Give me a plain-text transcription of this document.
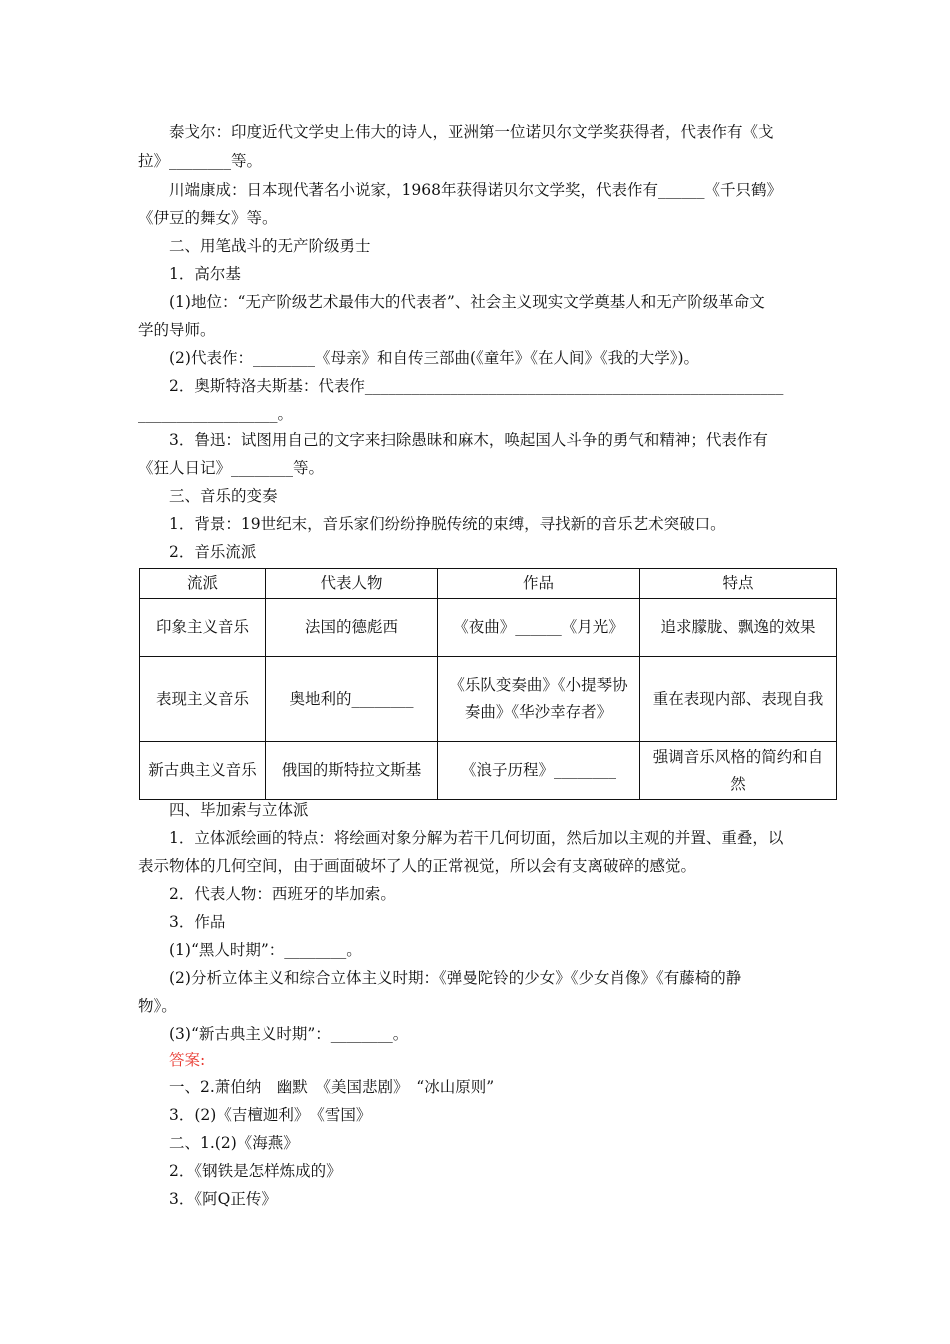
泰戈尔：印度近代文学史上伟大的诗人，亚洲第一位诺贝尔文学奖获得者，代表作有《戈
拉》________等。
川端康成：日本现代著名小说家，1968年获得诺贝尔文学奖，代表作有______《千只鹤》
《伊豆的舞女》等。
二、用笔战斗的无产阶级勇士
1．高尔基
(1)地位：“无产阶级艺术最伟大的代表者”、社会主义现实文学奠基人和无产阶级革命文
学的导师。
(2)代表作：________《母亲》和自传三部曲(《童年》《在人间》《我的大学》)。
2．奥斯特洛夫斯基：代表作______________________________________________________
__________________。
3．鲁迅：试图用自己的文字来扫除愚昧和麻木，唤起国人斗争的勇气和精神；代表作有
《狂人日记》________等。
三、音乐的变奏
1．背景：19世纪末，音乐家们纷纷挣脱传统的束缚，寻找新的音乐艺术突破口。
2．音乐流派
流派	代表人物	作品	特点
印象主义音乐	法国的德彪西	《夜曲》______《月光》	追求朦胧、飘逸的效果
表现主义音乐	奥地利的________	《乐队变奏曲》《小提琴协奏曲》《华沙幸存者》	重在表现内部、表现自我
新古典主义音乐	俄国的斯特拉文斯基	《浪子历程》________	强调音乐风格的简约和自然
四、毕加索与立体派
1．立体派绘画的特点：将绘画对象分解为若干几何切面，然后加以主观的并置、重叠，以
表示物体的几何空间，由于画面破坏了人的正常视觉，所以会有支离破碎的感觉。
2．代表人物：西班牙的毕加索。
3．作品
(1)“黑人时期”：________。
(2)分析立体主义和综合立体主义时期：《弹曼陀铃的少女》《少女肖像》《有藤椅的静
物》。
(3)“新古典主义时期”：________。
答案:
一、2.萧伯纳　幽默　《美国悲剧》　“冰山原则”
3．(2)《吉檀迦利》　《雪国》
二、1.(2)《海燕》
2．《钢铁是怎样炼成的》
3．《阿Q正传》
